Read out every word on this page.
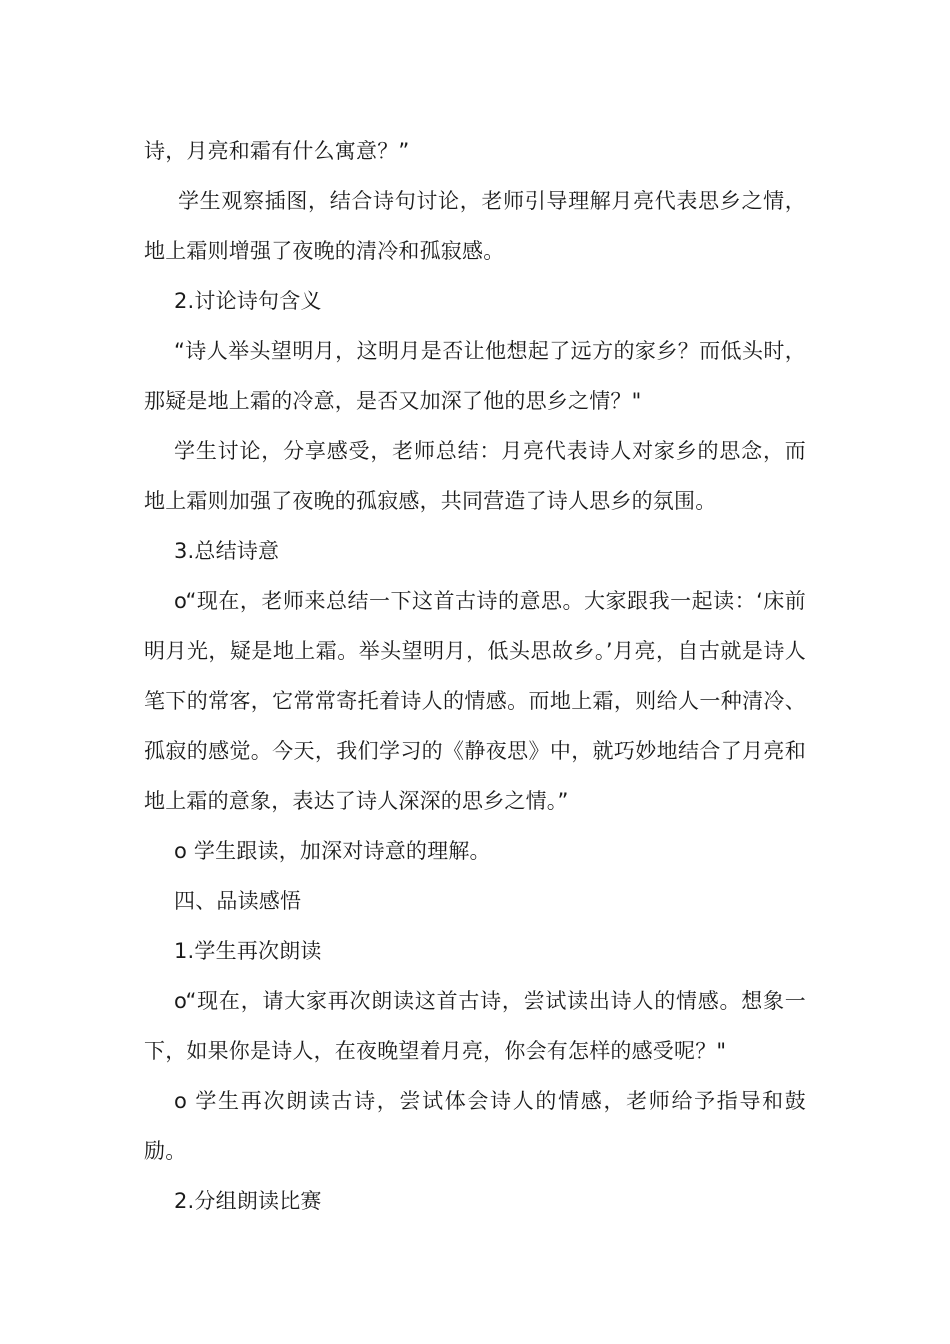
诗，月亮和霜有什么寓意？”

学生观察插图，结合诗句讨论，老师引导理解月亮代表思乡之情，地上霜则增强了夜晚的清冷和孤寂感。

2.讨论诗句含义

“诗人举头望明月，这明月是否让他想起了远方的家乡？而低头时，那疑是地上霜的冷意，是否又加深了他的思乡之情？"

学生讨论，分享感受，老师总结：月亮代表诗人对家乡的思念，而地上霜则加强了夜晚的孤寂感，共同营造了诗人思乡的氛围。

3.总结诗意

o“现在，老师来总结一下这首古诗的意思。大家跟我一起读：‘床前明月光，疑是地上霜。举头望明月，低头思故乡。’月亮，自古就是诗人笔下的常客，它常常寄托着诗人的情感。而地上霜，则给人一种清冷、孤寂的感觉。今天，我们学习的《静夜思》中，就巧妙地结合了月亮和地上霜的意象，表达了诗人深深的思乡之情。”

o 学生跟读，加深对诗意的理解。

四、品读感悟

1.学生再次朗读

o“现在，请大家再次朗读这首古诗，尝试读出诗人的情感。想象一下，如果你是诗人，在夜晚望着月亮，你会有怎样的感受呢？"

o 学生再次朗读古诗，尝试体会诗人的情感，老师给予指导和鼓励。

2.分组朗读比赛
